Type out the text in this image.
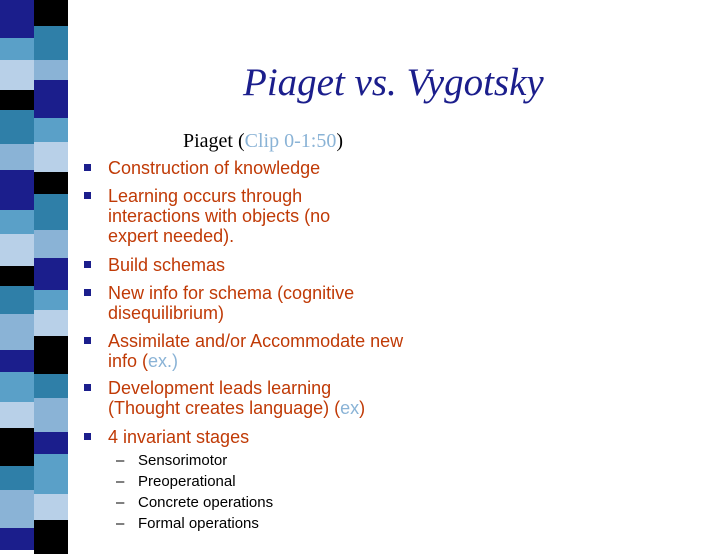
Piaget vs. Vygotsky
Piaget (Clip 0-1:50)
Construction of knowledge
Learning occurs through interactions with objects (no expert needed).
Build schemas
New info for schema (cognitive disequilibrium)
Assimilate and/or Accommodate new info (ex.)
Development leads learning (Thought creates language) (ex)
4 invariant stages
– Sensorimotor
– Preoperational
– Concrete operations
– Formal operations
